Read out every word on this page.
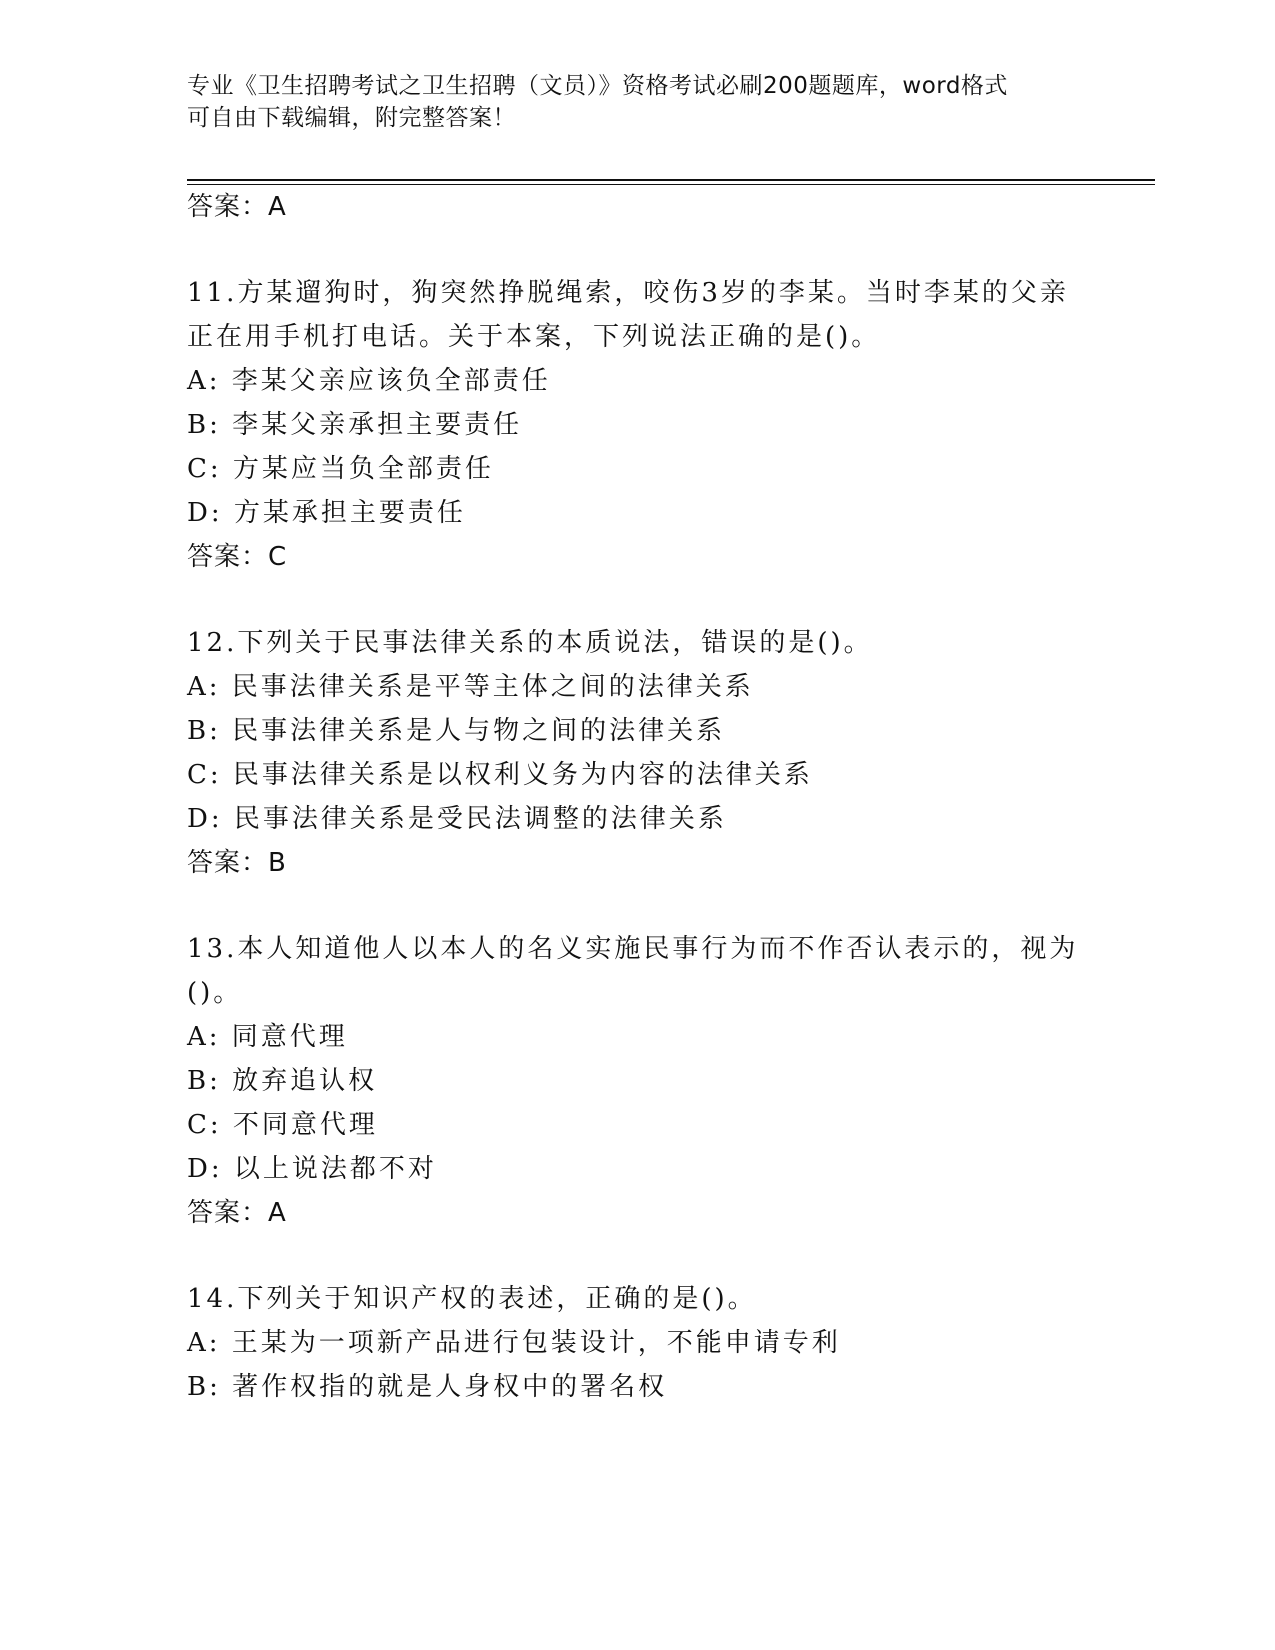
专业《卫生招聘考试之卫生招聘（文员）》资格考试必刷200题题库，word格式
可自由下载编辑，附完整答案！
答案：A
11.方某遛狗时，狗突然挣脱绳索，咬伤3岁的李某。当时李某的父亲
正在用手机打电话。关于本案，下列说法正确的是()。
A: 李某父亲应该负全部责任
B: 李某父亲承担主要责任
C: 方某应当负全部责任
D: 方某承担主要责任
答案：C
12.下列关于民事法律关系的本质说法，错误的是()。
A: 民事法律关系是平等主体之间的法律关系
B: 民事法律关系是人与物之间的法律关系
C: 民事法律关系是以权利义务为内容的法律关系
D: 民事法律关系是受民法调整的法律关系
答案：B
13.本人知道他人以本人的名义实施民事行为而不作否认表示的，视为
()。
A: 同意代理
B: 放弃追认权
C: 不同意代理
D: 以上说法都不对
答案：A
14.下列关于知识产权的表述，正确的是()。
A: 王某为一项新产品进行包装设计，不能申请专利
B: 著作权指的就是人身权中的署名权
